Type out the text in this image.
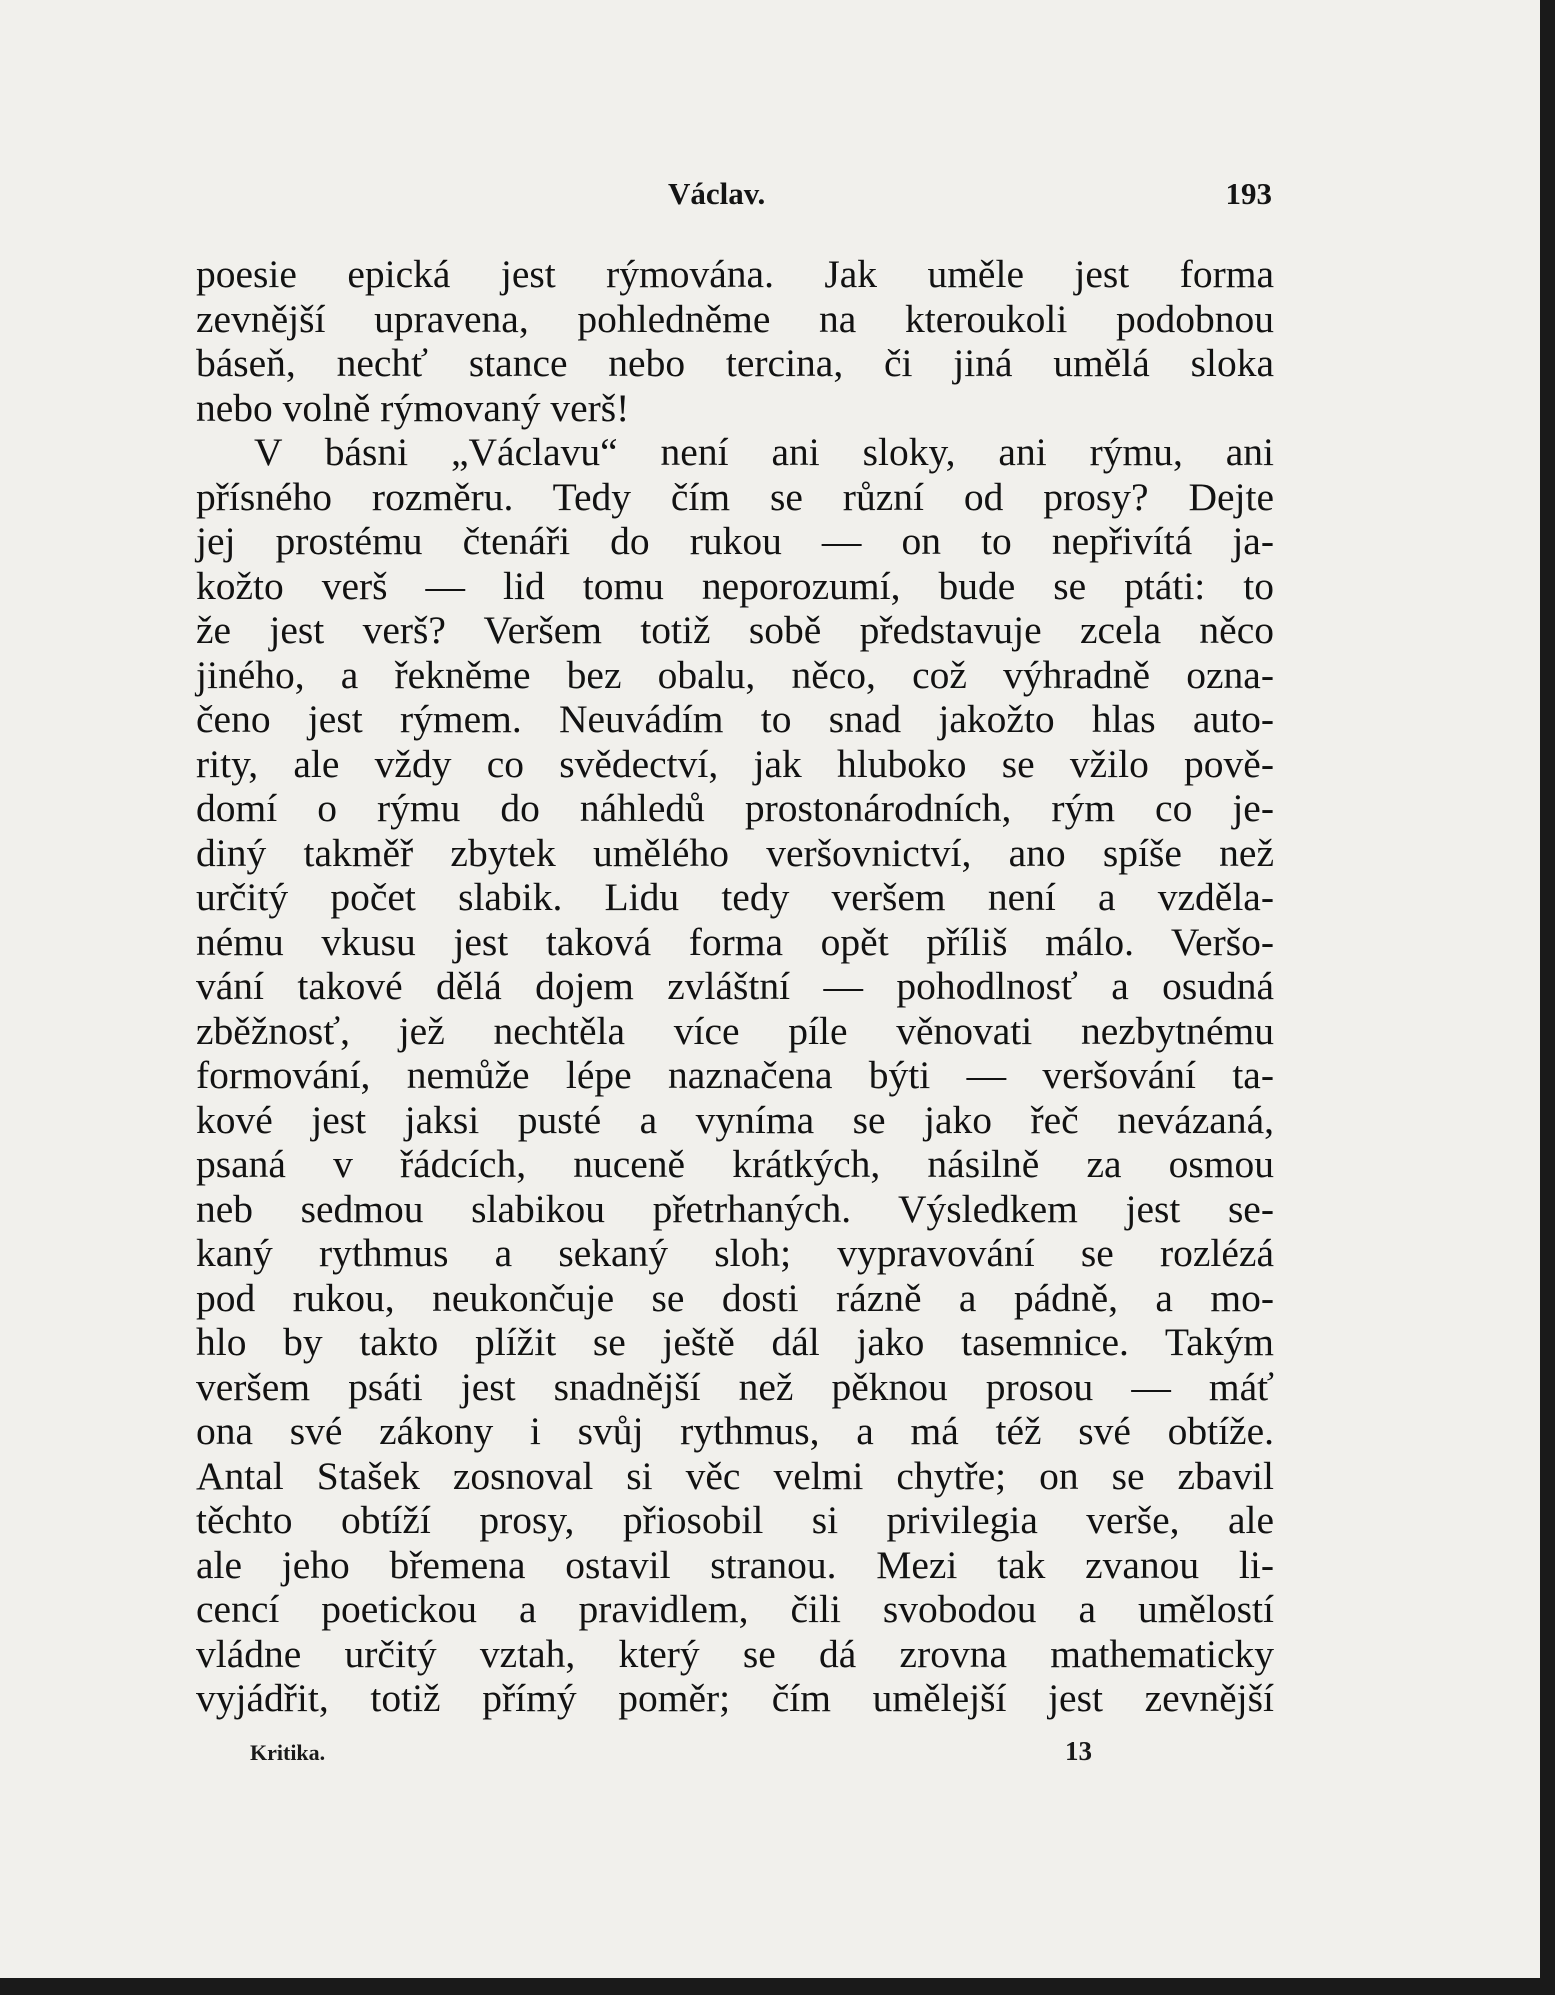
Václav.	193
poesie epická jest rýmována. Jak uměle jest forma
zevnější upravena, pohledněme na kteroukoli podobnou
báseň, nechť stance nebo tercina, či jiná umělá sloka
nebo volně rýmovaný verš!
V básni „Václavu“ není ani sloky, ani rýmu, ani
přísného rozměru. Tedy čím se různí od prosy? Dejte
jej prostému čtenáři do rukou — on to nepřivítá ja-
kožto verš — lid tomu neporozumí, bude se ptáti: to
že jest verš? Veršem totiž sobě představuje zcela něco
jiného, a řekněme bez obalu, něco, což výhradně ozna-
čeno jest rýmem. Neuvádím to snad jakožto hlas auto-
rity, ale vždy co svědectví, jak hluboko se vžilo pově-
domí o rýmu do náhledů prostonárodních, rým co je-
diný takměř zbytek umělého veršovnictví, ano spíše než
určitý počet slabik. Lidu tedy veršem není a vzděla-
nému vkusu jest taková forma opět příliš málo. Veršo-
vání takové dělá dojem zvláštní — pohodlnosť a osudná
zběžnosť, jež nechtěla více píle věnovati nezbytnému
formování, nemůže lépe naznačena býti — veršování ta-
kové jest jaksi pusté a vyníma se jako řeč nevázaná,
psaná v řádcích, nuceně krátkých, násilně za osmou
neb sedmou slabikou přetrhaných. Výsledkem jest se-
kaný rythmus a sekaný sloh; vypravování se rozlézá
pod rukou, neukončuje se dosti rázně a pádně, a mo-
hlo by takto plížit se ještě dál jako tasemnice. Takým
veršem psáti jest snadnější než pěknou prosou — máť
ona své zákony i svůj rythmus, a má též své obtíže.
Antal Stašek zosnoval si věc velmi chytře; on se zbavil
těchto obtíží prosy, přiosobil si privilegia verše, ale
ale jeho břemena ostavil stranou. Mezi tak zvanou li-
cencí poetickou a pravidlem, čili svobodou a umělostí
vládne určitý vztah, který se dá zrovna mathematicky
vyjádřit, totiž přímý poměr; čím umělejší jest zevnější
Kritika.	13
